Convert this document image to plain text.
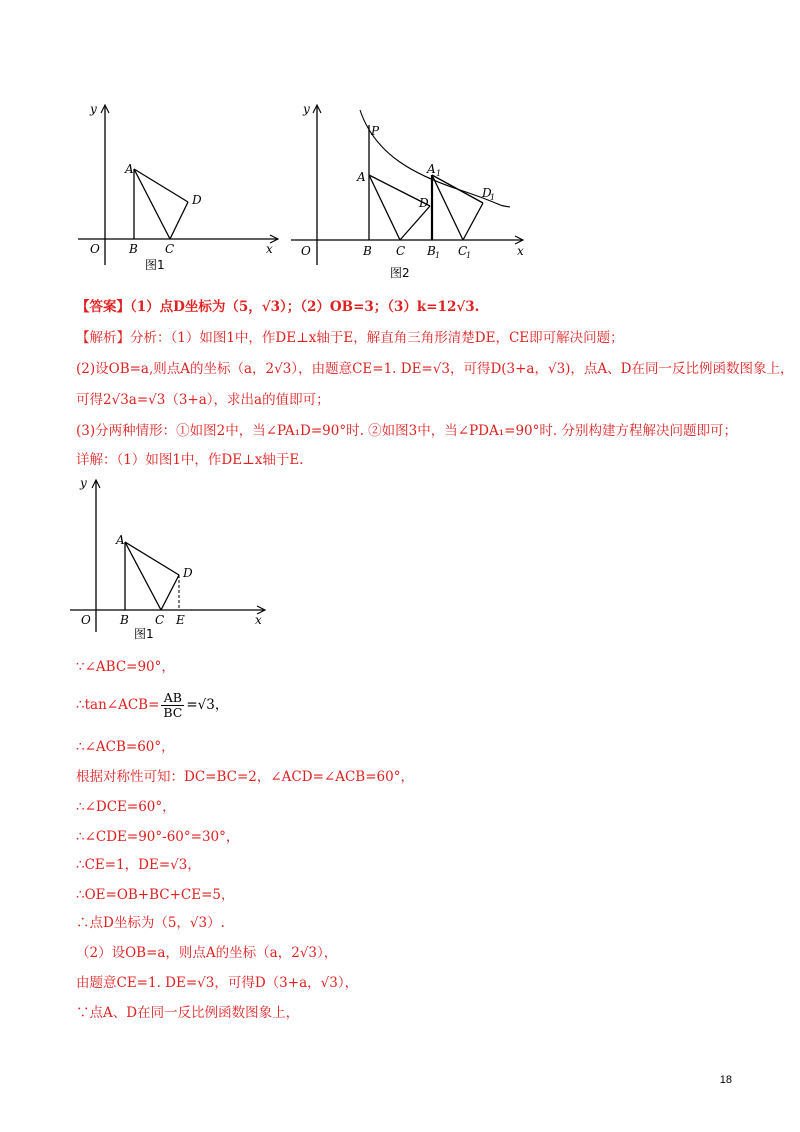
y
x
O
A
B C
D
图1
y
x
O
P
A
A 1
B C
D
B 1 C
1
D
1
图2
【答案】（1）点D坐标为（5，√3）；（2）OB=3；（3）k=12√3.
【解析】分析：（1）如图1中，作DE⊥x轴于E，解直角三角形清楚DE，CE即可解决问题；
(2)设OB=a,则点A的坐标（a，2√3），由题意CE=1. DE=√3，可得D(3+a，√3)，点A、D在同一反比例函数图象上，
可得2√3a=√3（3+a），求出a的值即可；
(3)分两种情形：①如图2中，当∠PA₁D=90°时. ②如图3中，当∠PDA₁=90°时. 分别构建方程解决问题即可；
详解：（1）如图1中，作DE⊥x轴于E.
y
x
O
A
B C
D
E
图1
∵∠ABC=90°，
∴tan∠ACB= $\frac{AB}{BC} =√3$，
∴∠ACB=60°，
根据对称性可知：DC=BC=2，∠ACD=∠ACB=60°，
∴∠DCE=60°，
∴∠CDE=90°-60°=30°，
∴CE=1，DE=√3，
∴OE=OB+BC+CE=5，
∴点D坐标为（5，√3）.
（2）设OB=a，则点A的坐标（a，2√3），
由题意CE=1. DE=√3，可得D（3+a，√3），
∵点A、D在同一反比例函数图象上，
18
